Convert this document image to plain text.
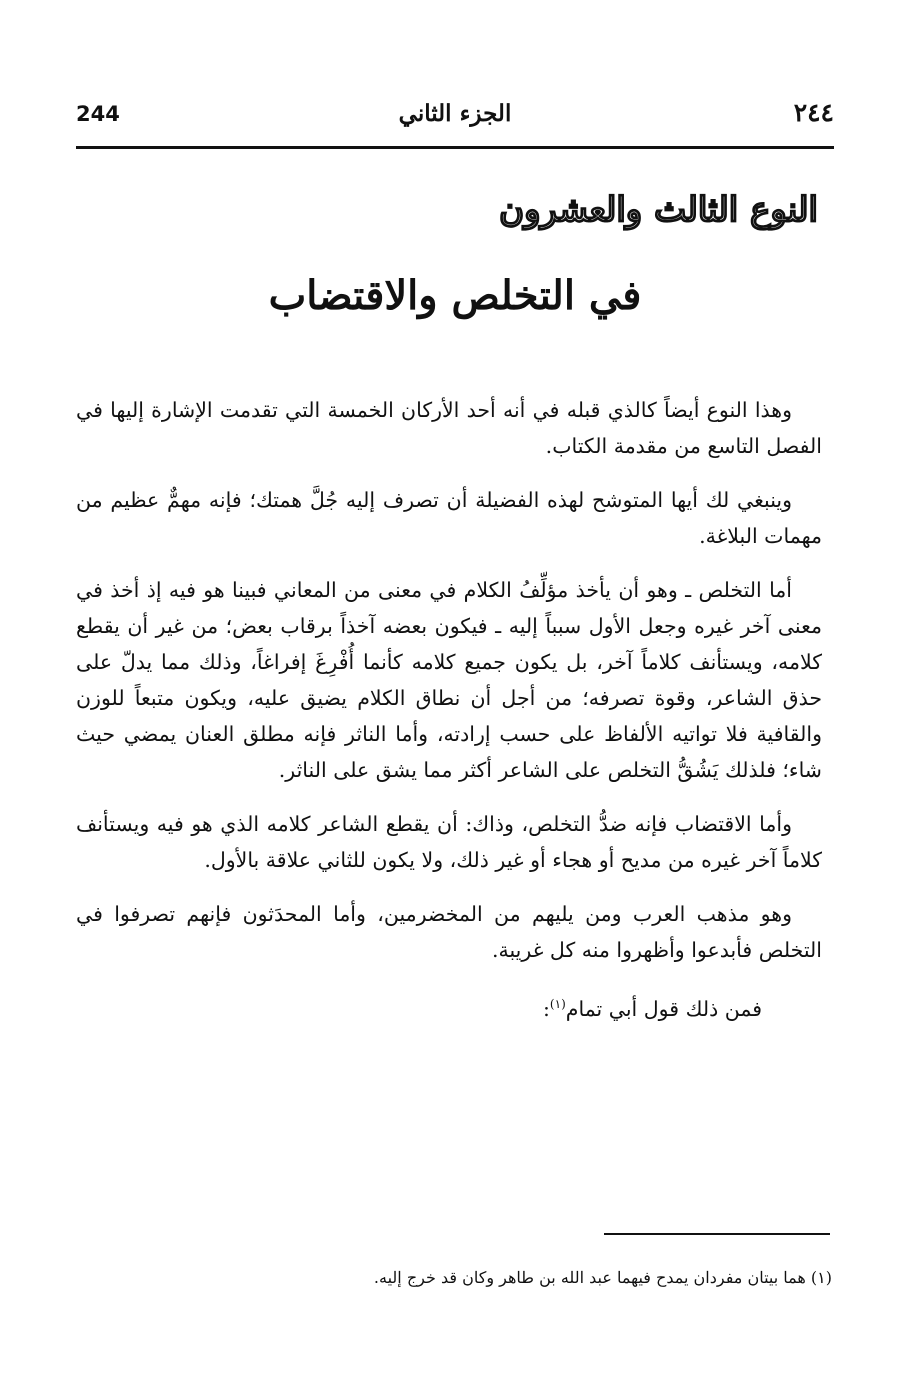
244	الجزء الثاني	٢٤٤
النوع الثالث والعشرون
في التخلص والاقتضاب

وهذا النوع أيضاً كالذي قبله في أنه أحد الأركان الخمسة التي تقدمت الإشارة إليها في الفصل التاسع من مقدمة الكتاب.

وينبغي لك أيها المتوشح لهذه الفضيلة أن تصرف إليه جُلَّ همتك؛ فإنه مهمٌّ عظيم من مهمات البلاغة.

أما التخلص ـ وهو أن يأخذ مؤلِّفُ الكلام في معنى من المعاني فبينا هو فيه إذ أخذ في معنى آخر غيره وجعل الأول سبباً إليه ـ فيكون بعضه آخذاً برقاب بعض؛ من غير أن يقطع كلامه، ويستأنف كلاماً آخر، بل يكون جميع كلامه كأنما أُفْرِغَ إفراغاً، وذلك مما يدلّ على حذق الشاعر، وقوة تصرفه؛ من أجل أن نطاق الكلام يضيق عليه، ويكون متبعاً للوزن والقافية فلا تواتيه الألفاظ على حسب إرادته، وأما الناثر فإنه مطلق العنان يمضي حيث شاء؛ فلذلك يَشُقُّ التخلص على الشاعر أكثر مما يشق على الناثر.

وأما الاقتضاب فإنه ضدُّ التخلص، وذاك: أن يقطع الشاعر كلامه الذي هو فيه ويستأنف كلاماً آخر غيره من مديح أو هجاء أو غير ذلك، ولا يكون للثاني علاقة بالأول.

وهو مذهب العرب ومن يليهم من المخضرمين، وأما المحدَثون فإنهم تصرفوا في التخلص فأبدعوا وأظهروا منه كل غريبة.

فمن ذلك قول أبي تمام$^{(١)}$:

(١) هما بيتان مفردان يمدح فيهما عبد الله بن طاهر وكان قد خرج إليه.
